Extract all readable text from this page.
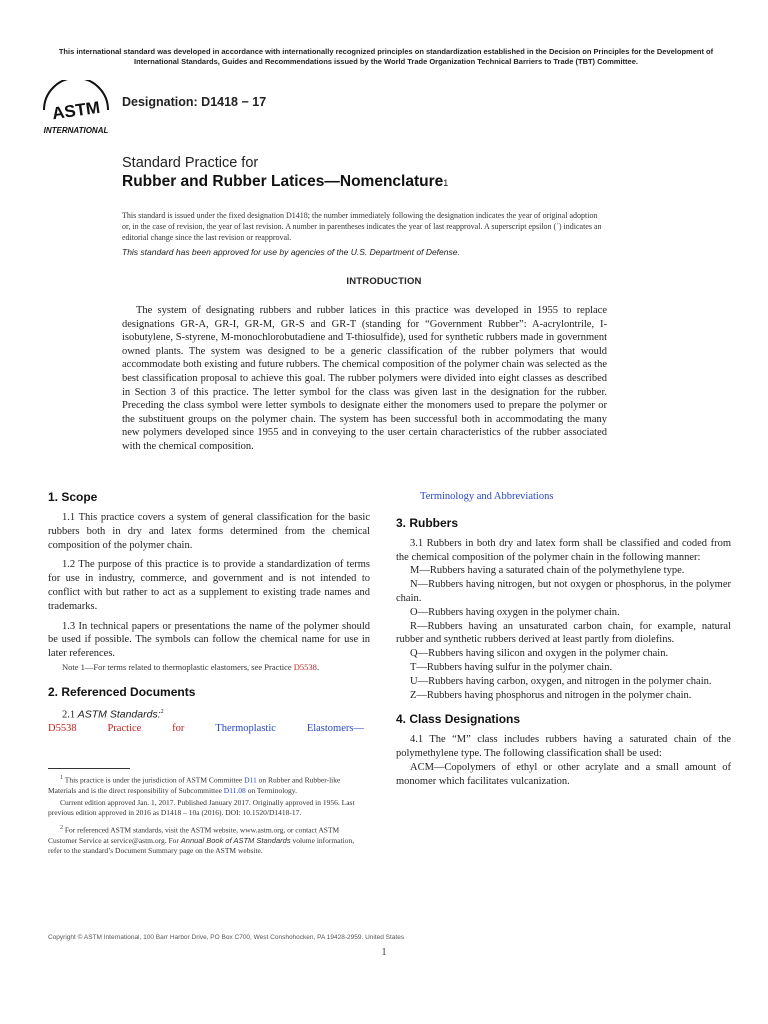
This international standard was developed in accordance with internationally recognized principles on standardization established in the Decision on Principles for the Development of International Standards, Guides and Recommendations issued by the World Trade Organization Technical Barriers to Trade (TBT) Committee.
ASTM
INTERNATIONAL
Designation: D1418 − 17
Standard Practice for
Rubber and Rubber Latices—Nomenclature1
This standard is issued under the fixed designation D1418; the number immediately following the designation indicates the year of original adoption or, in the case of revision, the year of last revision. A number in parentheses indicates the year of last reapproval. A superscript epsilon (´) indicates an editorial change since the last revision or reapproval.
This standard has been approved for use by agencies of the U.S. Department of Defense.
INTRODUCTION
The system of designating rubbers and rubber latices in this practice was developed in 1955 to replace designations GR-A, GR-I, GR-M, GR-S and GR-T (standing for “Government Rubber”: A-acrylontrile, I-isobutylene, S-styrene, M-monochlorobutadiene and T-thiosulfide), used for synthetic rubbers made in government owned plants. The system was designed to be a generic classification of the rubber polymers that would accommodate both existing and future rubbers. The chemical composition of the polymer chain was selected as the best classification proposal to achieve this goal. The rubber polymers were divided into eight classes as described in Section 3 of this practice. The letter symbol for the class was given last in the designation for the rubber. Preceding the class symbol were letter symbols to designate either the monomers used to prepare the polymer or the substituent groups on the polymer chain. The system has been successful both in accommodating the many new polymers developed since 1955 and in conveying to the user certain characteristics of the rubber associated with the chemical composition.
1. Scope
1.1 This practice covers a system of general classification for the basic rubbers both in dry and latex forms determined from the chemical composition of the polymer chain.
1.2 The purpose of this practice is to provide a standardization of terms for use in industry, commerce, and government and is not intended to conflict with but rather to act as a supplement to existing trade names and trademarks.
1.3 In technical papers or presentations the name of the polymer should be used if possible. The symbols can follow the chemical name for use in later references.
Note 1—For terms related to thermoplastic elastomers, see Practice D5538.
2. Referenced Documents
2.1 ASTM Standards:$^2$
D5538	Practice	for	Thermoplastic	Elastomers—
$^1$ This practice is under the jurisdiction of ASTM Committee D11 on Rubber and Rubber-like Materials and is the direct responsibility of Subcommittee D11.08 on Terminology.
Current edition approved Jan. 1, 2017. Published January 2017. Originally approved in 1956. Last previous edition approved in 2016 as D1418 – 10a (2016). DOI: 10.1520/D1418-17.
$^2$ For referenced ASTM standards, visit the ASTM website, www.astm.org, or contact ASTM Customer Service at service@astm.org. For Annual Book of ASTM Standards volume information, refer to the standard’s Document Summary page on the ASTM website.
Terminology and Abbreviations
3. Rubbers
3.1 Rubbers in both dry and latex form shall be classified and coded from the chemical composition of the polymer chain in the following manner:
M—Rubbers having a saturated chain of the polymethylene type.
N—Rubbers having nitrogen, but not oxygen or phosphorus, in the polymer chain.
O—Rubbers having oxygen in the polymer chain.
R—Rubbers having an unsaturated carbon chain, for example, natural rubber and synthetic rubbers derived at least partly from diolefins.
Q—Rubbers having silicon and oxygen in the polymer chain.
T—Rubbers having sulfur in the polymer chain.
U—Rubbers having carbon, oxygen, and nitrogen in the polymer chain.
Z—Rubbers having phosphorus and nitrogen in the polymer chain.
4. Class Designations
4.1 The “M” class includes rubbers having a saturated chain of the polymethylene type. The following classification shall be used:
ACM—Copolymers of ethyl or other acrylate and a small amount of monomer which facilitates vulcanization.
Copyright © ASTM International, 100 Barr Harbor Drive, PO Box C700, West Conshohocken, PA 19428-2959. United States
1
